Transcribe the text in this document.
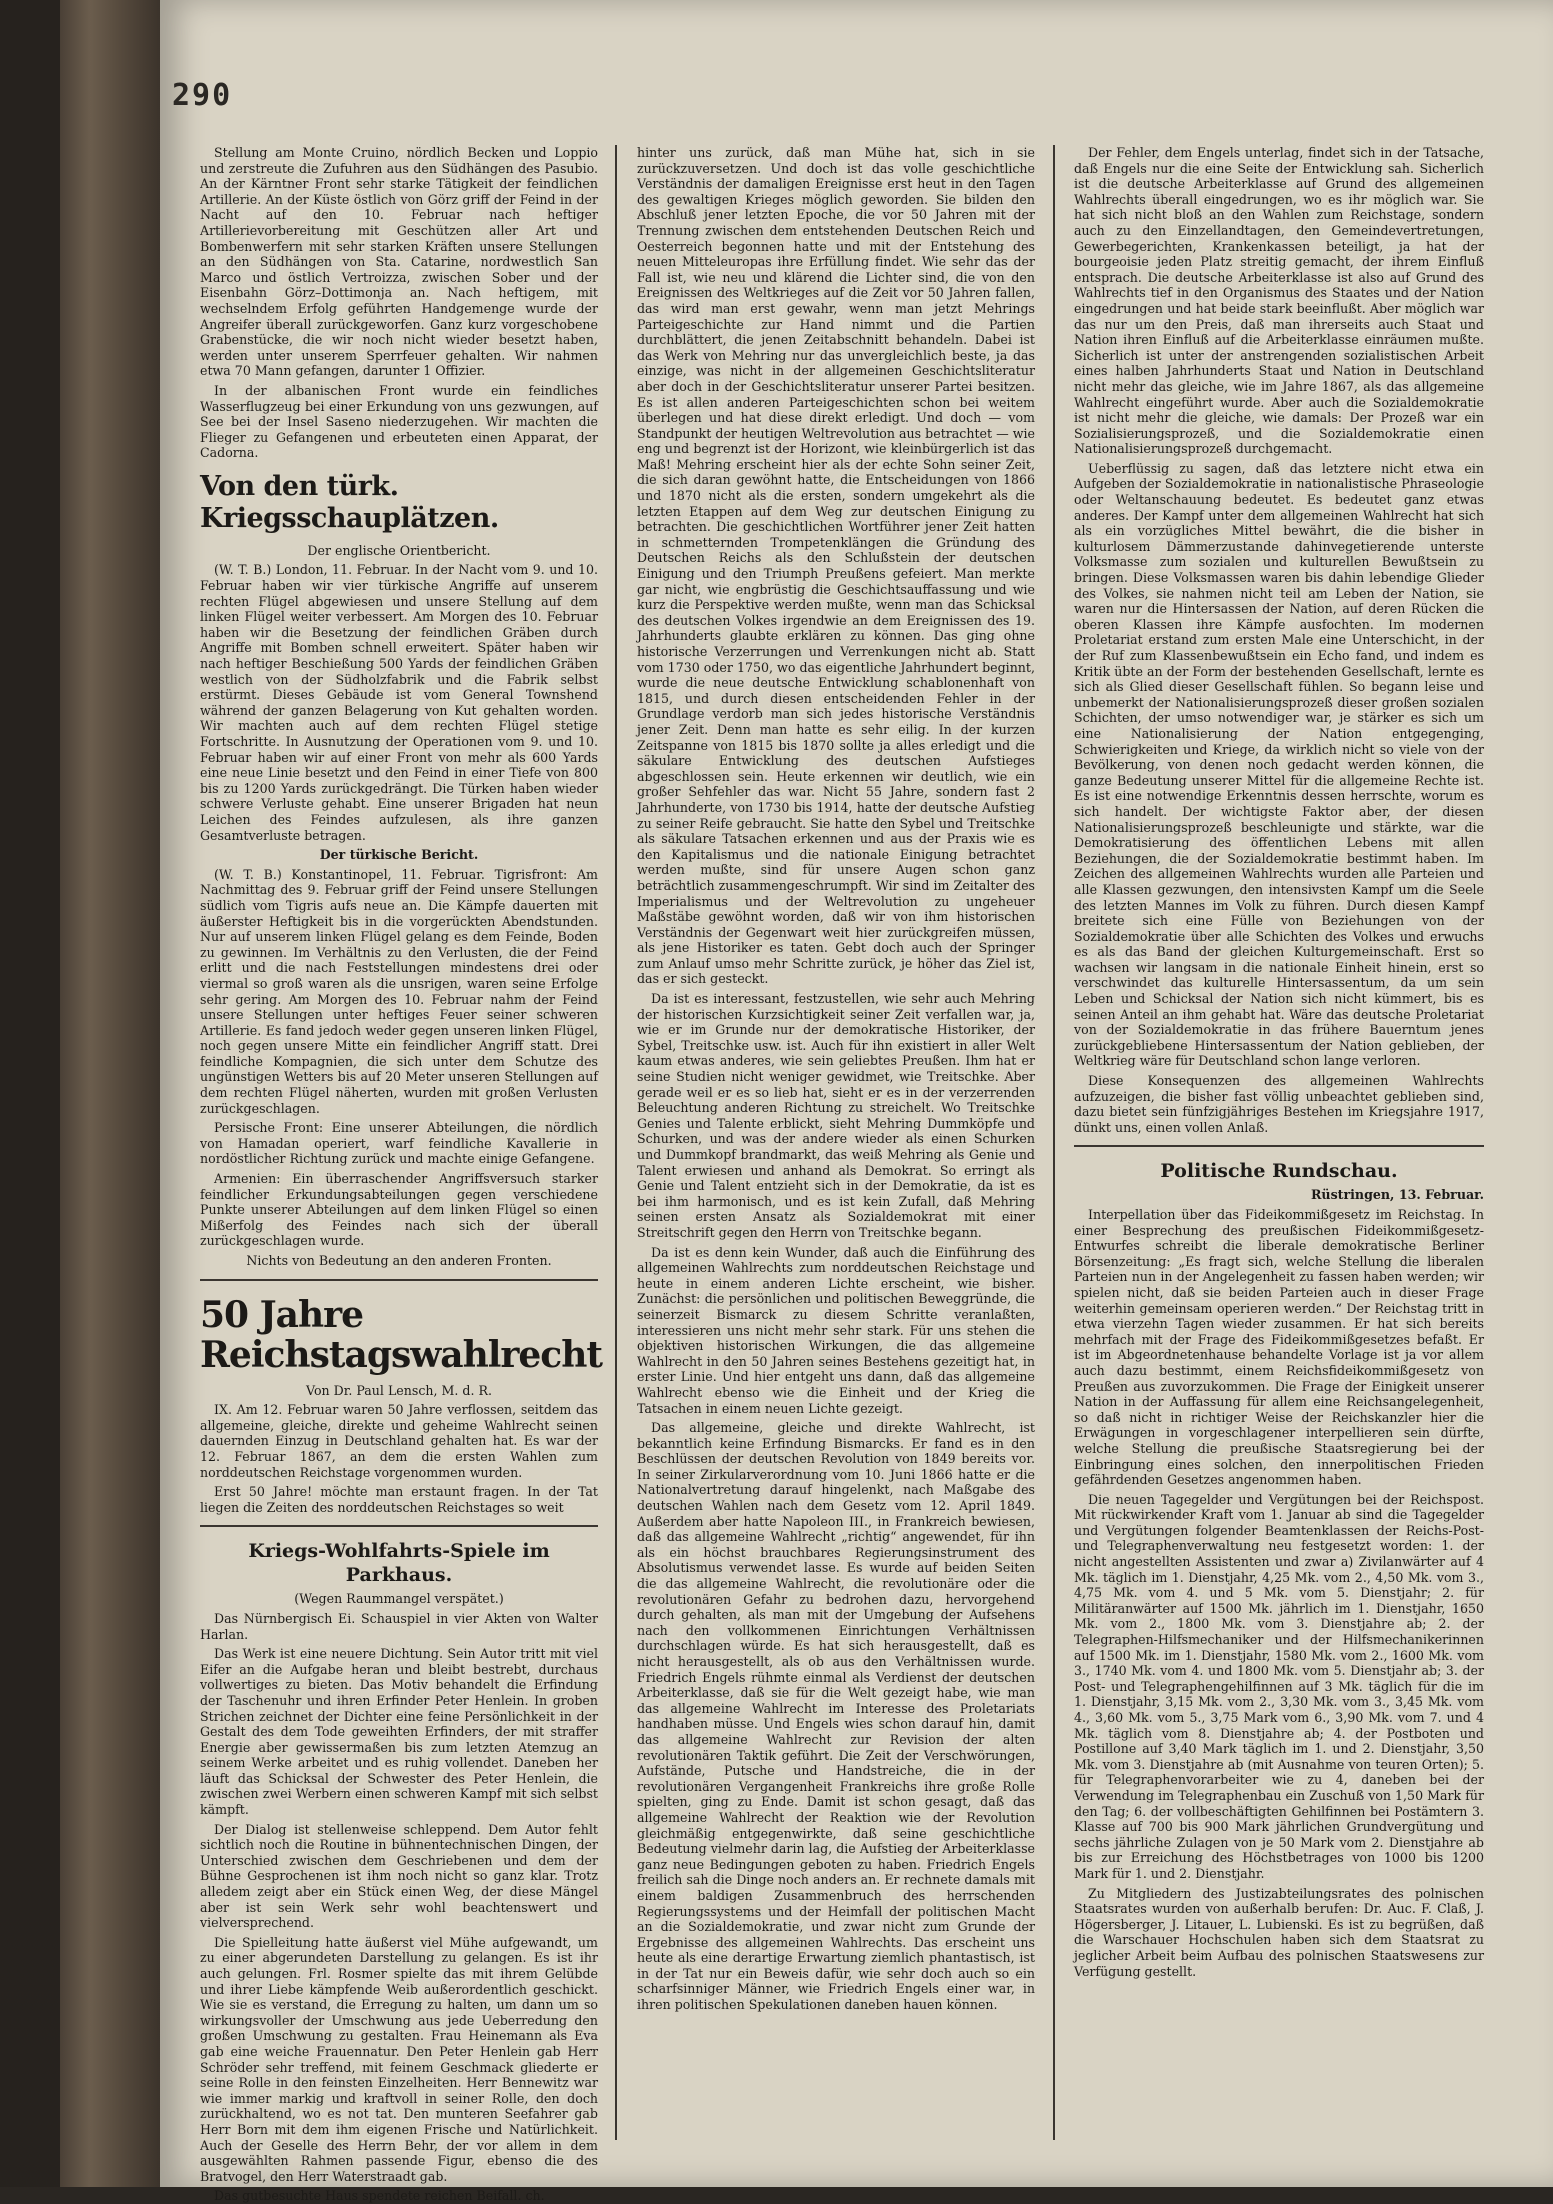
290

Stellung am Monte Cruino, nördlich Becken und Loppio und zerstreute die Zufuhren aus den Südhängen des Pasubio. An der Kärntner Front sehr starke Tätigkeit der feindlichen Artillerie. An der Küste östlich von Görz griff der Feind in der Nacht auf den 10. Februar nach heftiger Artillerievorbereitung mit Geschützen aller Art und Bombenwerfern mit sehr starken Kräften unsere Stellungen an den Südhängen von Sta. Catarine, nordwestlich San Marco und östlich Vertroizza, zwischen Sober und der Eisenbahn Görz–Dottimonja an. Nach heftigem, mit wechselndem Erfolg geführten Handgemenge wurde der Angreifer überall zurückgeworfen. Ganz kurz vorgeschobene Grabenstücke, die wir noch nicht wieder besetzt haben, werden unter unserem Sperrfeuer gehalten. Wir nahmen etwa 70 Mann gefangen, darunter 1 Offizier.

In der albanischen Front wurde ein feindliches Wasserflugzeug bei einer Erkundung von uns gezwungen, auf See bei der Insel Saseno niederzugehen. Wir machten die Flieger zu Gefangenen und erbeuteten einen Apparat, der Cadorna.

Von den türk. Kriegsschauplätzen.

Der englische Orientbericht.

(W. T. B.) London, 11. Februar. In der Nacht vom 9. und 10. Februar haben wir vier türkische Angriffe auf unserem rechten Flügel abgewiesen und unsere Stellung auf dem linken Flügel weiter verbessert. Am Morgen des 10. Februar haben wir die Besetzung der feindlichen Gräben durch Angriffe mit Bomben schnell erweitert. Später haben wir nach heftiger Beschießung 500 Yards der feindlichen Gräben westlich von der Südholzfabrik und die Fabrik selbst erstürmt. Dieses Gebäude ist vom General Townshend während der ganzen Belagerung von Kut gehalten worden. Wir machten auch auf dem rechten Flügel stetige Fortschritte. In Ausnutzung der Operationen vom 9. und 10. Februar haben wir auf einer Front von mehr als 600 Yards eine neue Linie besetzt und den Feind in einer Tiefe von 800 bis zu 1200 Yards zurückgedrängt. Die Türken haben wieder schwere Verluste gehabt. Eine unserer Brigaden hat neun Leichen des Feindes aufzulesen, als ihre ganzen Gesamtverluste betragen.

Der türkische Bericht.

(W. T. B.) Konstantinopel, 11. Februar. Tigrisfront: Am Nachmittag des 9. Februar griff der Feind unsere Stellungen südlich vom Tigris aufs neue an. Die Kämpfe dauerten mit äußerster Heftigkeit bis in die vorgerückten Abendstunden. Nur auf unserem linken Flügel gelang es dem Feinde, Boden zu gewinnen. Im Verhältnis zu den Verlusten, die der Feind erlitt und die nach Feststellungen mindestens drei oder viermal so groß waren als die unsrigen, waren seine Erfolge sehr gering. Am Morgen des 10. Februar nahm der Feind unsere Stellungen unter heftiges Feuer seiner schweren Artillerie. Es fand jedoch weder gegen unseren linken Flügel, noch gegen unsere Mitte ein feindlicher Angriff statt. Drei feindliche Kompagnien, die sich unter dem Schutze des ungünstigen Wetters bis auf 20 Meter unseren Stellungen auf dem rechten Flügel näherten, wurden mit großen Verlusten zurückgeschlagen.

Persische Front: Eine unserer Abteilungen, die nördlich von Hamadan operiert, warf feindliche Kavallerie in nordöstlicher Richtung zurück und machte einige Gefangene.

Armenien: Ein überraschender Angriffsversuch starker feindlicher Erkundungsabteilungen gegen verschiedene Punkte unserer Abteilungen auf dem linken Flügel so einen Mißerfolg des Feindes nach sich der überall zurückgeschlagen wurde.

Nichts von Bedeutung an den anderen Fronten.

50 Jahre Reichstagswahlrecht

Von Dr. Paul Lensch, M. d. R.

IX. Am 12. Februar waren 50 Jahre verflossen, seitdem das allgemeine, gleiche, direkte und geheime Wahlrecht seinen dauernden Einzug in Deutschland gehalten hat. Es war der 12. Februar 1867, an dem die ersten Wahlen zum norddeutschen Reichstage vorgenommen wurden.

Erst 50 Jahre! möchte man erstaunt fragen. In der Tat liegen die Zeiten des norddeutschen Reichstages so weit

Kriegs-Wohlfahrts-Spiele im Parkhaus.

(Wegen Raummangel verspätet.)

Das Nürnbergisch Ei. Schauspiel in vier Akten von Walter Harlan.

Das Werk ist eine neuere Dichtung. Sein Autor tritt mit viel Eifer an die Aufgabe heran und bleibt bestrebt, durchaus vollwertiges zu bieten. Das Motiv behandelt die Erfindung der Taschenuhr und ihren Erfinder Peter Henlein. In groben Strichen zeichnet der Dichter eine feine Persönlichkeit in der Gestalt des dem Tode geweihten Erfinders, der mit straffer Energie aber gewissermaßen bis zum letzten Atemzug an seinem Werke arbeitet und es ruhig vollendet. Daneben her läuft das Schicksal der Schwester des Peter Henlein, die zwischen zwei Werbern einen schweren Kampf mit sich selbst kämpft.

Der Dialog ist stellenweise schleppend. Dem Autor fehlt sichtlich noch die Routine in bühnentechnischen Dingen, der Unterschied zwischen dem Geschriebenen und dem der Bühne Gesprochenen ist ihm noch nicht so ganz klar. Trotz alledem zeigt aber ein Stück einen Weg, der diese Mängel aber ist sein Werk sehr wohl beachtenswert und vielversprechend.

Die Spielleitung hatte äußerst viel Mühe aufgewandt, um zu einer abgerundeten Darstellung zu gelangen. Es ist ihr auch gelungen. Frl. Rosmer spielte das mit ihrem Gelübde und ihrer Liebe kämpfende Weib außerordentlich geschickt. Wie sie es verstand, die Erregung zu halten, um dann um so wirkungsvoller der Umschwung aus jede Ueberredung den großen Umschwung zu gestalten. Frau Heinemann als Eva gab eine weiche Frauennatur. Den Peter Henlein gab Herr Schröder sehr treffend, mit feinem Geschmack gliederte er seine Rolle in den feinsten Einzelheiten. Herr Bennewitz war wie immer markig und kraftvoll in seiner Rolle, den doch zurückhaltend, wo es not tat. Den munteren Seefahrer gab Herr Born mit dem ihm eigenen Frische und Natürlichkeit. Auch der Geselle des Herrn Behr, der vor allem in dem ausgewählten Rahmen passende Figur, ebenso die des Bratvogel, den Herr Waterstraadt gab.

Das gutbesuchte Haus spendete reichen Beifall. ch.

hinter uns zurück, daß man Mühe hat, sich in sie zurückzuversetzen. Und doch ist das volle geschichtliche Verständnis der damaligen Ereignisse erst heut in den Tagen des gewaltigen Krieges möglich geworden. Sie bilden den Abschluß jener letzten Epoche, die vor 50 Jahren mit der Trennung zwischen dem entstehenden Deutschen Reich und Oesterreich begonnen hatte und mit der Entstehung des neuen Mitteleuropas ihre Erfüllung findet. Wie sehr das der Fall ist, wie neu und klärend die Lichter sind, die von den Ereignissen des Weltkrieges auf die Zeit vor 50 Jahren fallen, das wird man erst gewahr, wenn man jetzt Mehrings Parteigeschichte zur Hand nimmt und die Partien durchblättert, die jenen Zeitabschnitt behandeln. Dabei ist das Werk von Mehring nur das unvergleichlich beste, ja das einzige, was nicht in der allgemeinen Geschichtsliteratur aber doch in der Geschichtsliteratur unserer Partei besitzen. Es ist allen anderen Parteigeschichten schon bei weitem überlegen und hat diese direkt erledigt. Und doch — vom Standpunkt der heutigen Weltrevolution aus betrachtet — wie eng und begrenzt ist der Horizont, wie kleinbürgerlich ist das Maß! Mehring erscheint hier als der echte Sohn seiner Zeit, die sich daran gewöhnt hatte, die Entscheidungen von 1866 und 1870 nicht als die ersten, sondern umgekehrt als die letzten Etappen auf dem Weg zur deutschen Einigung zu betrachten. Die geschichtlichen Wortführer jener Zeit hatten in schmetternden Trompetenklängen die Gründung des Deutschen Reichs als den Schlußstein der deutschen Einigung und den Triumph Preußens gefeiert. Man merkte gar nicht, wie engbrüstig die Geschichtsauffassung und wie kurz die Perspektive werden mußte, wenn man das Schicksal des deutschen Volkes irgendwie an dem Ereignissen des 19. Jahrhunderts glaubte erklären zu können. Das ging ohne historische Verzerrungen und Verrenkungen nicht ab. Statt vom 1730 oder 1750, wo das eigentliche Jahrhundert beginnt, wurde die neue deutsche Entwicklung schablonenhaft von 1815, und durch diesen entscheidenden Fehler in der Grundlage verdorb man sich jedes historische Verständnis jener Zeit. Denn man hatte es sehr eilig. In der kurzen Zeitspanne von 1815 bis 1870 sollte ja alles erledigt und die säkulare Entwicklung des deutschen Aufstieges abgeschlossen sein. Heute erkennen wir deutlich, wie ein großer Sehfehler das war. Nicht 55 Jahre, sondern fast 2 Jahrhunderte, von 1730 bis 1914, hatte der deutsche Aufstieg zu seiner Reife gebraucht. Sie hatte den Sybel und Treitschke als säkulare Tatsachen erkennen und aus der Praxis wie es den Kapitalismus und die nationale Einigung betrachtet werden mußte, sind für unsere Augen schon ganz beträchtlich zusammengeschrumpft. Wir sind im Zeitalter des Imperialismus und der Weltrevolution zu ungeheuer Maßstäbe gewöhnt worden, daß wir von ihm historischen Verständnis der Gegenwart weit hier zurückgreifen müssen, als jene Historiker es taten. Gebt doch auch der Springer zum Anlauf umso mehr Schritte zurück, je höher das Ziel ist, das er sich gesteckt.

Da ist es interessant, festzustellen, wie sehr auch Mehring der historischen Kurzsichtigkeit seiner Zeit verfallen war, ja, wie er im Grunde nur der demokratische Historiker, der Sybel, Treitschke usw. ist. Auch für ihn existiert in aller Welt kaum etwas anderes, wie sein geliebtes Preußen. Ihm hat er seine Studien nicht weniger gewidmet, wie Treitschke. Aber gerade weil er es so lieb hat, sieht er es in der verzerrenden Beleuchtung anderen Richtung zu streichelt. Wo Treitschke Genies und Talente erblickt, sieht Mehring Dummköpfe und Schurken, und was der andere wieder als einen Schurken und Dummkopf brandmarkt, das weiß Mehring als Genie und Talent erwiesen und anhand als Demokrat. So erringt als Genie und Talent entzieht sich in der Demokratie, da ist es bei ihm harmonisch, und es ist kein Zufall, daß Mehring seinen ersten Ansatz als Sozialdemokrat mit einer Streitschrift gegen den Herrn von Treitschke begann.

Da ist es denn kein Wunder, daß auch die Einführung des allgemeinen Wahlrechts zum norddeutschen Reichstage und heute in einem anderen Lichte erscheint, wie bisher. Zunächst: die persönlichen und politischen Beweggründe, die seinerzeit Bismarck zu diesem Schritte veranlaßten, interessieren uns nicht mehr sehr stark. Für uns stehen die objektiven historischen Wirkungen, die das allgemeine Wahlrecht in den 50 Jahren seines Bestehens gezeitigt hat, in erster Linie. Und hier entgeht uns dann, daß das allgemeine Wahlrecht ebenso wie die Einheit und der Krieg die Tatsachen in einem neuen Lichte gezeigt.

Das allgemeine, gleiche und direkte Wahlrecht, ist bekanntlich keine Erfindung Bismarcks. Er fand es in den Beschlüssen der deutschen Revolution von 1849 bereits vor. In seiner Zirkularverordnung vom 10. Juni 1866 hatte er die Nationalvertretung darauf hingelenkt, nach Maßgabe des deutschen Wahlen nach dem Gesetz vom 12. April 1849. Außerdem aber hatte Napoleon III., in Frankreich bewiesen, daß das allgemeine Wahlrecht „richtig“ angewendet, für ihn als ein höchst brauchbares Regierungsinstrument des Absolutismus verwendet lasse. Es wurde auf beiden Seiten die das allgemeine Wahlrecht, die revolutionäre oder die revolutionären Gefahr zu bedrohen dazu, hervorgehend durch gehalten, als man mit der Umgebung der Aufsehens nach den vollkommenen Einrichtungen Verhältnissen durchschlagen würde. Es hat sich herausgestellt, daß es nicht herausgestellt, als ob aus den Verhältnissen wurde. Friedrich Engels rühmte einmal als Verdienst der deutschen Arbeiterklasse, daß sie für die Welt gezeigt habe, wie man das allgemeine Wahlrecht im Interesse des Proletariats handhaben müsse. Und Engels wies schon darauf hin, damit das allgemeine Wahlrecht zur Revision der alten revolutionären Taktik geführt. Die Zeit der Verschwörungen, Aufstände, Putsche und Handstreiche, die in der revolutionären Vergangenheit Frankreichs ihre große Rolle spielten, ging zu Ende. Damit ist schon gesagt, daß das allgemeine Wahlrecht der Reaktion wie der Revolution gleichmäßig entgegenwirkte, daß seine geschichtliche Bedeutung vielmehr darin lag, die Aufstieg der Arbeiterklasse ganz neue Bedingungen geboten zu haben. Friedrich Engels freilich sah die Dinge noch anders an. Er rechnete damals mit einem baldigen Zusammenbruch des herrschenden Regierungssystems und der Heimfall der politischen Macht an die Sozialdemokratie, und zwar nicht zum Grunde der Ergebnisse des allgemeinen Wahlrechts. Das erscheint uns heute als eine derartige Erwartung ziemlich phantastisch, ist in der Tat nur ein Beweis dafür, wie sehr doch auch so ein scharfsinniger Männer, wie Friedrich Engels einer war, in ihren politischen Spekulationen daneben hauen können.

Der Fehler, dem Engels unterlag, findet sich in der Tatsache, daß Engels nur die eine Seite der Entwicklung sah. Sicherlich ist die deutsche Arbeiterklasse auf Grund des allgemeinen Wahlrechts überall eingedrungen, wo es ihr möglich war. Sie hat sich nicht bloß an den Wahlen zum Reichstage, sondern auch zu den Einzellandtagen, den Gemeindevertretungen, Gewerbegerichten, Krankenkassen beteiligt, ja hat der bourgeoisie jeden Platz streitig gemacht, der ihrem Einfluß entsprach. Die deutsche Arbeiterklasse ist also auf Grund des Wahlrechts tief in den Organismus des Staates und der Nation eingedrungen und hat beide stark beeinflußt. Aber möglich war das nur um den Preis, daß man ihrerseits auch Staat und Nation ihren Einfluß auf die Arbeiterklasse einräumen mußte. Sicherlich ist unter der anstrengenden sozialistischen Arbeit eines halben Jahrhunderts Staat und Nation in Deutschland nicht mehr das gleiche, wie im Jahre 1867, als das allgemeine Wahlrecht eingeführt wurde. Aber auch die Sozialdemokratie ist nicht mehr die gleiche, wie damals: Der Prozeß war ein Sozialisierungsprozeß, und die Sozialdemokratie einen Nationalisierungsprozeß durchgemacht.

Ueberflüssig zu sagen, daß das letztere nicht etwa ein Aufgeben der Sozialdemokratie in nationalistische Phraseologie oder Weltanschauung bedeutet. Es bedeutet ganz etwas anderes. Der Kampf unter dem allgemeinen Wahlrecht hat sich als ein vorzügliches Mittel bewährt, die die bisher in kulturlosem Dämmerzustande dahinvegetierende unterste Volksmasse zum sozialen und kulturellen Bewußtsein zu bringen. Diese Volksmassen waren bis dahin lebendige Glieder des Volkes, sie nahmen nicht teil am Leben der Nation, sie waren nur die Hintersassen der Nation, auf deren Rücken die oberen Klassen ihre Kämpfe ausfochten. Im modernen Proletariat erstand zum ersten Male eine Unterschicht, in der der Ruf zum Klassenbewußtsein ein Echo fand, und indem es Kritik übte an der Form der bestehenden Gesellschaft, lernte es sich als Glied dieser Gesellschaft fühlen. So begann leise und unbemerkt der Nationalisierungsprozeß dieser großen sozialen Schichten, der umso notwendiger war, je stärker es sich um eine Nationalisierung der Nation entgegenging, Schwierigkeiten und Kriege, da wirklich nicht so viele von der Bevölkerung, von denen noch gedacht werden können, die ganze Bedeutung unserer Mittel für die allgemeine Rechte ist. Es ist eine notwendige Erkenntnis dessen herrschte, worum es sich handelt. Der wichtigste Faktor aber, der diesen Nationalisierungsprozeß beschleunigte und stärkte, war die Demokratisierung des öffentlichen Lebens mit allen Beziehungen, die der Sozialdemokratie bestimmt haben. Im Zeichen des allgemeinen Wahlrechts wurden alle Parteien und alle Klassen gezwungen, den intensivsten Kampf um die Seele des letzten Mannes im Volk zu führen. Durch diesen Kampf breitete sich eine Fülle von Beziehungen von der Sozialdemokratie über alle Schichten des Volkes und erwuchs es als das Band der gleichen Kulturgemeinschaft. Erst so wachsen wir langsam in die nationale Einheit hinein, erst so verschwindet das kulturelle Hintersassentum, da um sein Leben und Schicksal der Nation sich nicht kümmert, bis es seinen Anteil an ihm gehabt hat. Wäre das deutsche Proletariat von der Sozialdemokratie in das frühere Bauerntum jenes zurückgebliebene Hintersassentum der Nation geblieben, der Weltkrieg wäre für Deutschland schon lange verloren.

Diese Konsequenzen des allgemeinen Wahlrechts aufzuzeigen, die bisher fast völlig unbeachtet geblieben sind, dazu bietet sein fünfzigjähriges Bestehen im Kriegsjahre 1917, dünkt uns, einen vollen Anlaß.

Politische Rundschau.

Rüstringen, 13. Februar.

Interpellation über das Fideikommißgesetz im Reichstag. In einer Besprechung des preußischen Fideikommißgesetz-Entwurfes schreibt die liberale demokratische Berliner Börsenzeitung: „Es fragt sich, welche Stellung die liberalen Parteien nun in der Angelegenheit zu fassen haben werden; wir spielen nicht, daß sie beiden Parteien auch in dieser Frage weiterhin gemeinsam operieren werden.“ Der Reichstag tritt in etwa vierzehn Tagen wieder zusammen. Er hat sich bereits mehrfach mit der Frage des Fideikommißgesetzes befaßt. Er ist im Abgeordnetenhause behandelte Vorlage ist ja vor allem auch dazu bestimmt, einem Reichsfideikommißgesetz von Preußen aus zuvorzukommen. Die Frage der Einigkeit unserer Nation in der Auffassung für allem eine Reichsangelegenheit, so daß nicht in richtiger Weise der Reichskanzler hier die Erwägungen in vorgeschlagener interpellieren sein dürfte, welche Stellung die preußische Staatsregierung bei der Einbringung eines solchen, den innerpolitischen Frieden gefährdenden Gesetzes angenommen haben.

Die neuen Tagegelder und Vergütungen bei der Reichspost. Mit rückwirkender Kraft vom 1. Januar ab sind die Tagegelder und Vergütungen folgender Beamtenklassen der Reichs-Post- und Telegraphenverwaltung neu festgesetzt worden: 1. der nicht angestellten Assistenten und zwar a) Zivilanwärter auf 4 Mk. täglich im 1. Dienstjahr, 4,25 Mk. vom 2., 4,50 Mk. vom 3., 4,75 Mk. vom 4. und 5 Mk. vom 5. Dienstjahr; 2. für Militäranwärter auf 1500 Mk. jährlich im 1. Dienstjahr, 1650 Mk. vom 2., 1800 Mk. vom 3. Dienstjahre ab; 2. der Telegraphen-Hilfsmechaniker und der Hilfsmechanikerinnen auf 1500 Mk. im 1. Dienstjahr, 1580 Mk. vom 2., 1600 Mk. vom 3., 1740 Mk. vom 4. und 1800 Mk. vom 5. Dienstjahr ab; 3. der Post- und Telegraphengehilfinnen auf 3 Mk. täglich für die im 1. Dienstjahr, 3,15 Mk. vom 2., 3,30 Mk. vom 3., 3,45 Mk. vom 4., 3,60 Mk. vom 5., 3,75 Mark vom 6., 3,90 Mk. vom 7. und 4 Mk. täglich vom 8. Dienstjahre ab; 4. der Postboten und Postillone auf 3,40 Mark täglich im 1. und 2. Dienstjahr, 3,50 Mk. vom 3. Dienstjahre ab (mit Ausnahme von teuren Orten); 5. für Telegraphenvorarbeiter wie zu 4, daneben bei der Verwendung im Telegraphenbau ein Zuschuß von 1,50 Mark für den Tag; 6. der vollbeschäftigten Gehilfinnen bei Postämtern 3. Klasse auf 700 bis 900 Mark jährlichen Grundvergütung und sechs jährliche Zulagen von je 50 Mark vom 2. Dienstjahre ab bis zur Erreichung des Höchstbetrages von 1000 bis 1200 Mark für 1. und 2. Dienstjahr.

Zu Mitgliedern des Justizabteilungsrates des polnischen Staatsrates wurden von außerhalb berufen: Dr. Auc. F. Claß, J. Högersberger, J. Litauer, L. Lubienski. Es ist zu begrüßen, daß die Warschauer Hochschulen haben sich dem Staatsrat zu jeglicher Arbeit beim Aufbau des polnischen Staatswesens zur Verfügung gestellt.
